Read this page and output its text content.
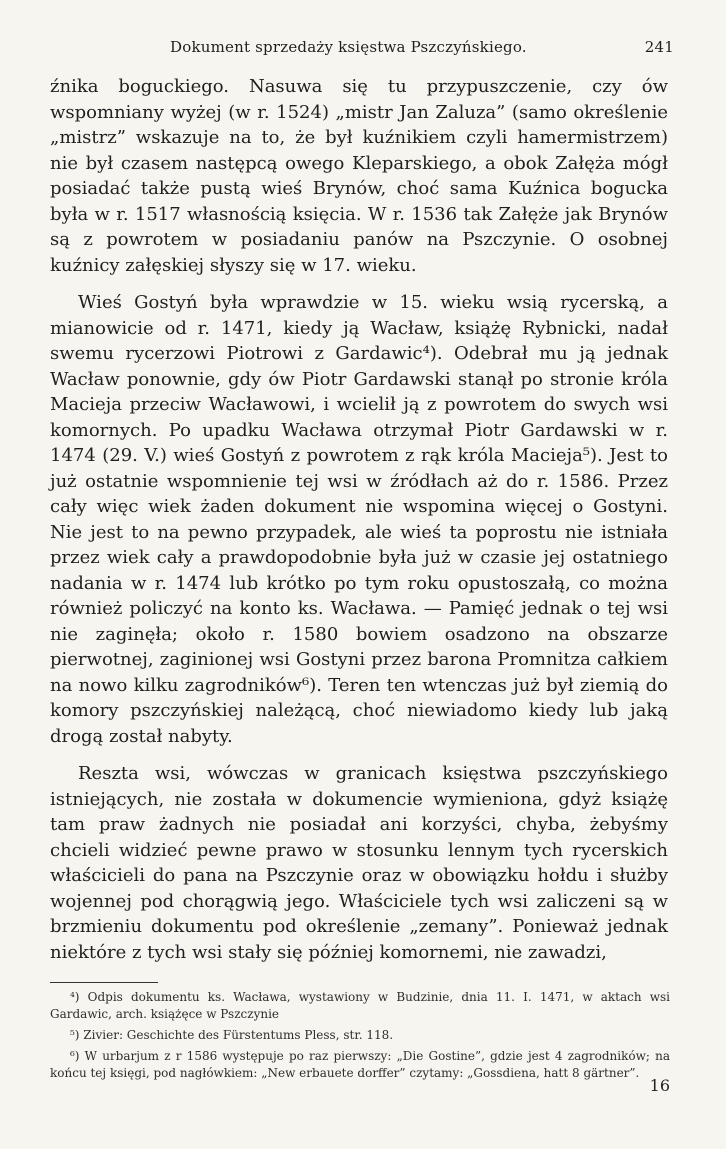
Dokument sprzedaży księstwa Pszczyńskiego.	241

źnika boguckiego. Nasuwa się tu przypuszczenie, czy ów wspomniany wyżej (w r. 1524) „mistr Jan Zaluza” (samo określenie „mistrz” wskazuje na to, że był kuźnikiem czyli hamermistrzem) nie był czasem następcą owego Kleparskiego, a obok Załęża mógł posiadać także pustą wieś Brynów, choć sama Kuźnica bogucka była w r. 1517 własnością księcia. W r. 1536 tak Załęże jak Brynów są z powrotem w posiadaniu panów na Pszczynie. O osobnej kuźnicy załęskiej słyszy się w 17. wieku.

Wieś Gostyń była wprawdzie w 15. wieku wsią rycerską, a mianowicie od r. 1471, kiedy ją Wacław, książę Rybnicki, nadał swemu rycerzowi Piotrowi z Gardawic⁴). Odebrał mu ją jednak Wacław ponownie, gdy ów Piotr Gardawski stanął po stronie króla Macieja przeciw Wacławowi, i wcielił ją z powrotem do swych wsi komornych. Po upadku Wacława otrzymał Piotr Gardawski w r. 1474 (29. V.) wieś Gostyń z powrotem z rąk króla Macieja⁵). Jest to już ostatnie wspomnienie tej wsi w źródłach aż do r. 1586. Przez cały więc wiek żaden dokument nie wspomina więcej o Gostyni. Nie jest to na pewno przypadek, ale wieś ta poprostu nie istniała przez wiek cały a prawdopodobnie była już w czasie jej ostatniego nadania w r. 1474 lub krótko po tym roku opustoszałą, co można również policzyć na konto ks. Wacława. — Pamięć jednak o tej wsi nie zaginęła; około r. 1580 bowiem osadzono na obszarze pierwotnej, zaginionej wsi Gostyni przez barona Promnitza całkiem na nowo kilku zagrodników⁶). Teren ten wtenczas już był ziemią do komory pszczyńskiej należącą, choć niewiadomo kiedy lub jaką drogą został nabyty.

Reszta wsi, wówczas w granicach księstwa pszczyńskiego istniejących, nie została w dokumencie wymieniona, gdyż książę tam praw żadnych nie posiadał ani korzyści, chyba, żebyśmy chcieli widzieć pewne prawo w stosunku lennym tych rycerskich właścicieli do pana na Pszczynie oraz w obowiązku hołdu i służby wojennej pod chorągwią jego. Właściciele tych wsi zaliczeni są w brzmieniu dokumentu pod określenie „zemany”. Ponieważ jednak niektóre z tych wsi stały się później komornemi, nie zawadzi,

⁴) Odpis dokumentu ks. Wacława, wystawiony w Budzinie, dnia 11. I. 1471, w aktach wsi Gardawic, arch. książęce w Pszczynie

⁵) Zivier: Geschichte des Fürstentums Pless, str. 118.

⁶) W urbarjum z r 1586 występuje po raz pierwszy: „Die Gostine”, gdzie jest 4 zagrodników; na końcu tej księgi, pod nagłówkiem: „New erbauete dorffer” czytamy: „Gossdiena, hatt 8 gärtner”.

16
